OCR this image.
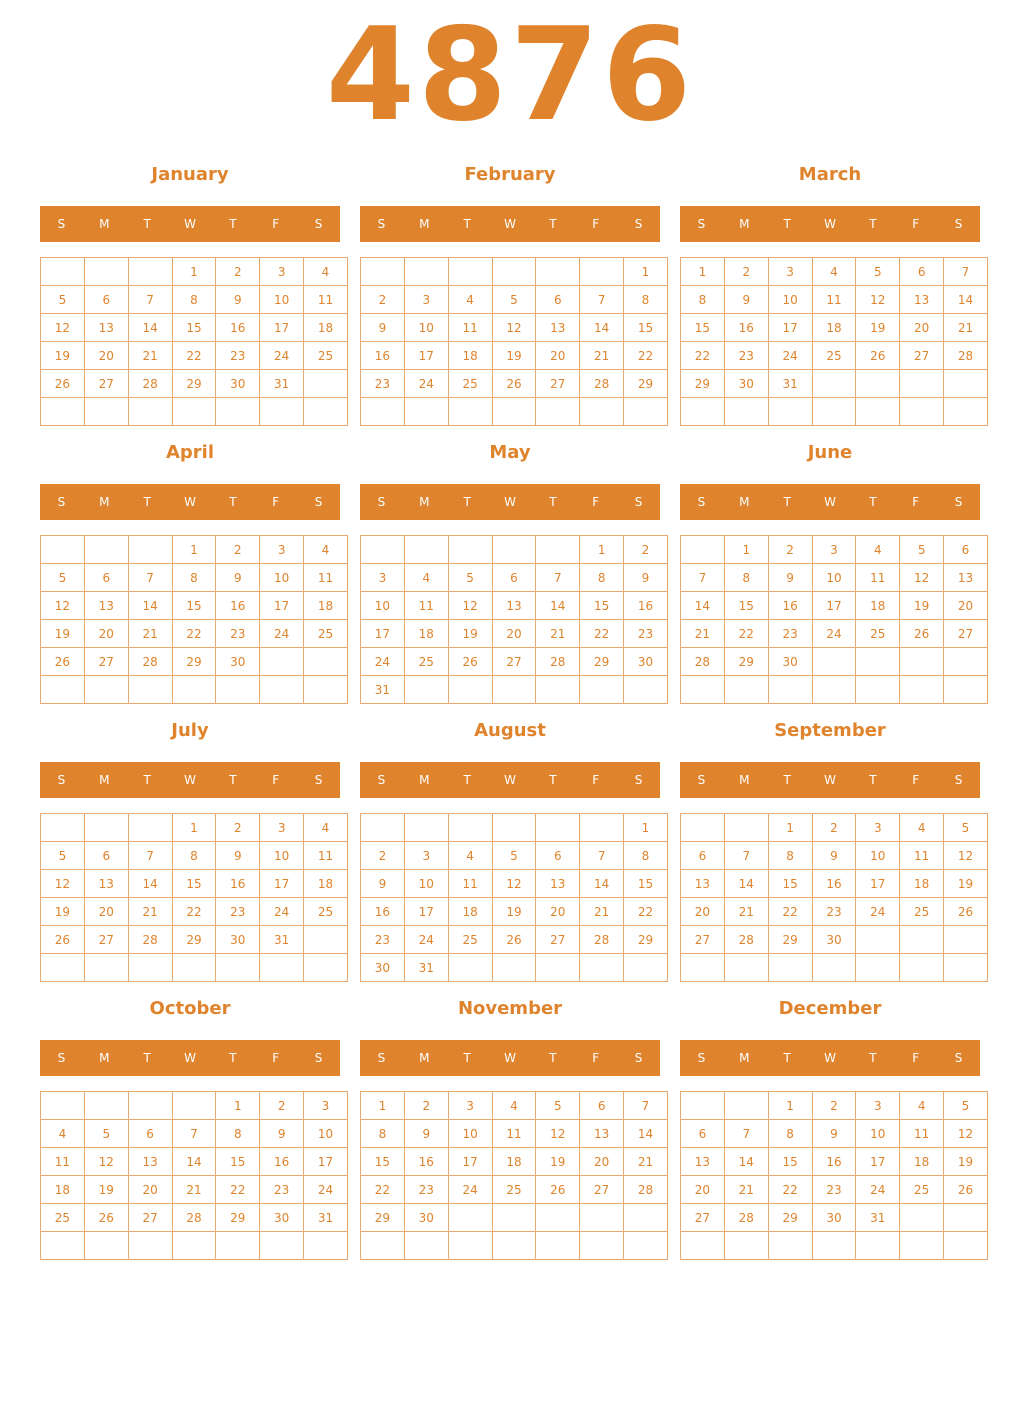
4876
January
S	M	T	W	T	F	S
			1	2	3	4
5	6	7	8	9	10	11
12	13	14	15	16	17	18
19	20	21	22	23	24	25
26	27	28	29	30	31	

February
S	M	T	W	T	F	S
						1
2	3	4	5	6	7	8
9	10	11	12	13	14	15
16	17	18	19	20	21	22
23	24	25	26	27	28	29

March
S	M	T	W	T	F	S
1	2	3	4	5	6	7
8	9	10	11	12	13	14
15	16	17	18	19	20	21
22	23	24	25	26	27	28
29	30	31				

April
S	M	T	W	T	F	S
			1	2	3	4
5	6	7	8	9	10	11
12	13	14	15	16	17	18
19	20	21	22	23	24	25
26	27	28	29	30		

May
S	M	T	W	T	F	S
					1	2
3	4	5	6	7	8	9
10	11	12	13	14	15	16
17	18	19	20	21	22	23
24	25	26	27	28	29	30
31						
June
S	M	T	W	T	F	S
	1	2	3	4	5	6
7	8	9	10	11	12	13
14	15	16	17	18	19	20
21	22	23	24	25	26	27
28	29	30				

July
S	M	T	W	T	F	S
			1	2	3	4
5	6	7	8	9	10	11
12	13	14	15	16	17	18
19	20	21	22	23	24	25
26	27	28	29	30	31	

August
S	M	T	W	T	F	S
						1
2	3	4	5	6	7	8
9	10	11	12	13	14	15
16	17	18	19	20	21	22
23	24	25	26	27	28	29
30	31					
September
S	M	T	W	T	F	S
		1	2	3	4	5
6	7	8	9	10	11	12
13	14	15	16	17	18	19
20	21	22	23	24	25	26
27	28	29	30			

October
S	M	T	W	T	F	S
				1	2	3
4	5	6	7	8	9	10
11	12	13	14	15	16	17
18	19	20	21	22	23	24
25	26	27	28	29	30	31

November
S	M	T	W	T	F	S
1	2	3	4	5	6	7
8	9	10	11	12	13	14
15	16	17	18	19	20	21
22	23	24	25	26	27	28
29	30					

December
S	M	T	W	T	F	S
		1	2	3	4	5
6	7	8	9	10	11	12
13	14	15	16	17	18	19
20	21	22	23	24	25	26
27	28	29	30	31		
